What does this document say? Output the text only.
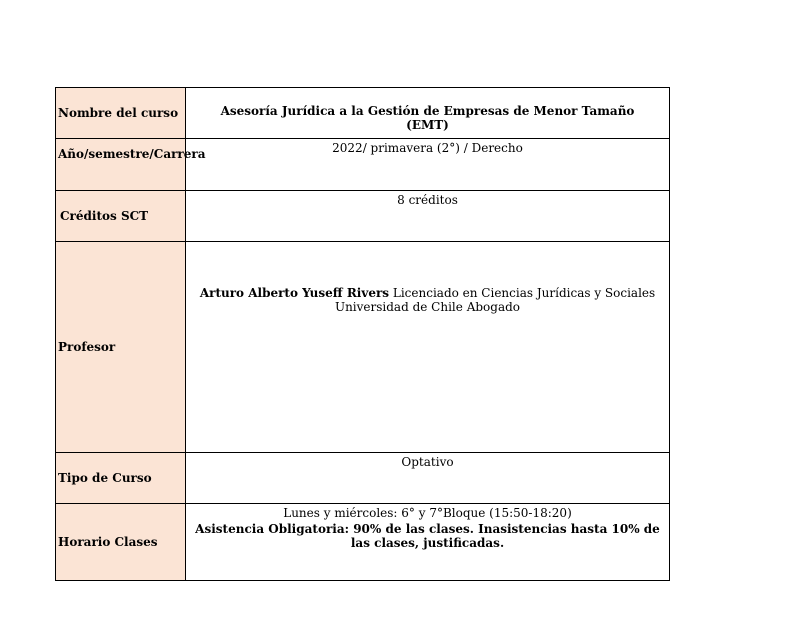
Nombre del curso	Asesoría Jurídica a la Gestión de Empresas de Menor Tamaño
(EMT)

Año/semestre/Carrera	2022/ primavera (2°) / Derecho
Créditos SCT	8 créditos
Profesor	Arturo Alberto Yuseff Rivers Licenciado en Ciencias Jurídicas y Sociales Universidad de Chile Abogado

Tipo de Curso	Optativo
Horario Clases	Lunes y miércoles: 6° y 7°Bloque (15:50-18:20)
Asistencia Obligatoria: 90% de las clases. Inasistencias hasta 10% de las clases, justificadas.
